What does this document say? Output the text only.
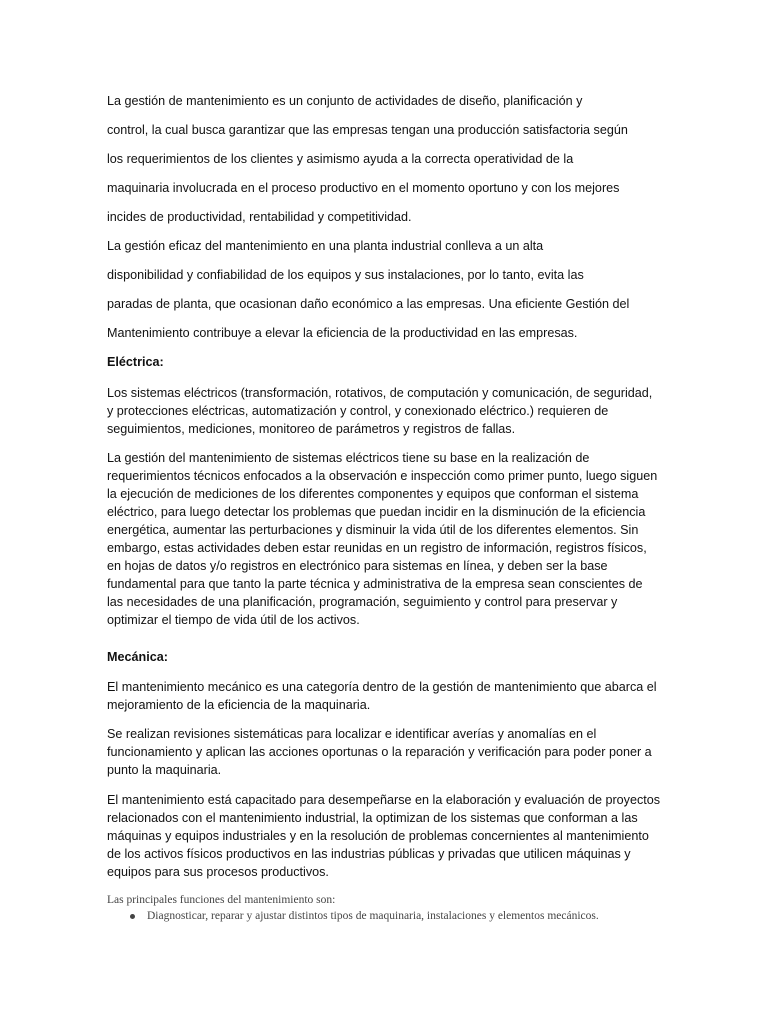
La gestión de mantenimiento es un conjunto de actividades de diseño, planificación y
control, la cual busca garantizar que las empresas tengan una producción satisfactoria según
los requerimientos de los clientes y asimismo ayuda a la correcta operatividad de la
maquinaria involucrada en el proceso productivo en el momento oportuno y con los mejores
incides de productividad, rentabilidad y competitividad.
La gestión eficaz del mantenimiento en una planta industrial conlleva a un alta
disponibilidad y confiabilidad de los equipos y sus instalaciones, por lo tanto, evita las
paradas de planta, que ocasionan daño económico a las empresas. Una eficiente Gestión del
Mantenimiento contribuye a elevar la eficiencia de la productividad en las empresas.
Eléctrica:
Los sistemas eléctricos (transformación, rotativos, de computación y comunicación, de seguridad,
y protecciones eléctricas, automatización y control, y conexionado eléctrico.) requieren de
seguimientos, mediciones, monitoreo de parámetros y registros de fallas.
La gestión del mantenimiento de sistemas eléctricos tiene su base en la realización de
requerimientos técnicos enfocados a la observación e inspección como primer punto, luego siguen
la ejecución de mediciones de los diferentes componentes y equipos que conforman el sistema
eléctrico, para luego detectar los problemas que puedan incidir en la disminución de la eficiencia
energética, aumentar las perturbaciones y disminuir la vida útil de los diferentes elementos. Sin
embargo, estas actividades deben estar reunidas en un registro de información, registros físicos,
en hojas de datos y/o registros en electrónico para sistemas en línea, y deben ser la base
fundamental para que tanto la parte técnica y administrativa de la empresa sean conscientes de
las necesidades de una planificación, programación, seguimiento y control para preservar y
optimizar el tiempo de vida útil de los activos.
Mecánica:
El mantenimiento mecánico es una categoría dentro de la gestión de mantenimiento que abarca el
mejoramiento de la eficiencia de la maquinaria.
Se realizan revisiones sistemáticas para localizar e identificar averías y anomalías en el
funcionamiento y aplican las acciones oportunas o la reparación y verificación para poder poner a
punto la maquinaria.
El mantenimiento está capacitado para desempeñarse en la elaboración y evaluación de proyectos
relacionados con el mantenimiento industrial, la optimizan de los sistemas que conforman a las
máquinas y equipos industriales y en la resolución de problemas concernientes al mantenimiento
de los activos físicos productivos en las industrias públicas y privadas que utilicen máquinas y
equipos para sus procesos productivos.
Las principales funciones del mantenimiento son:
Diagnosticar, reparar y ajustar distintos tipos de maquinaria, instalaciones y elementos mecánicos.
